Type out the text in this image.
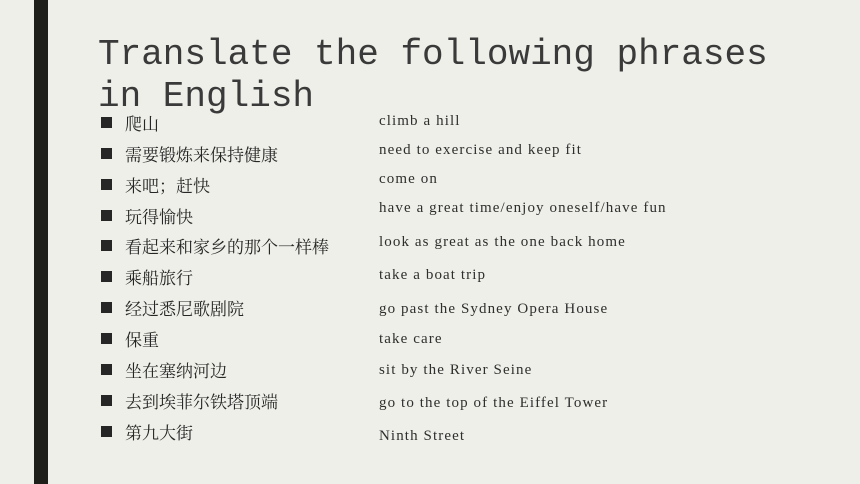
Translate the following phrases in English
爬山
需要锻炼来保持健康
来吧；赶快
玩得愉快
看起来和家乡的那个一样棒
乘船旅行
经过悉尼歌剧院
保重
坐在塞纳河边
去到埃菲尔铁塔顶端
第九大街
climb a hill
need to exercise and keep fit
come on
have a great time/enjoy oneself/have fun
look as great as the one back home
take a boat trip
go past the Sydney Opera House
take care
sit by the River Seine
go to the top of the Eiffel Tower
Ninth Street
